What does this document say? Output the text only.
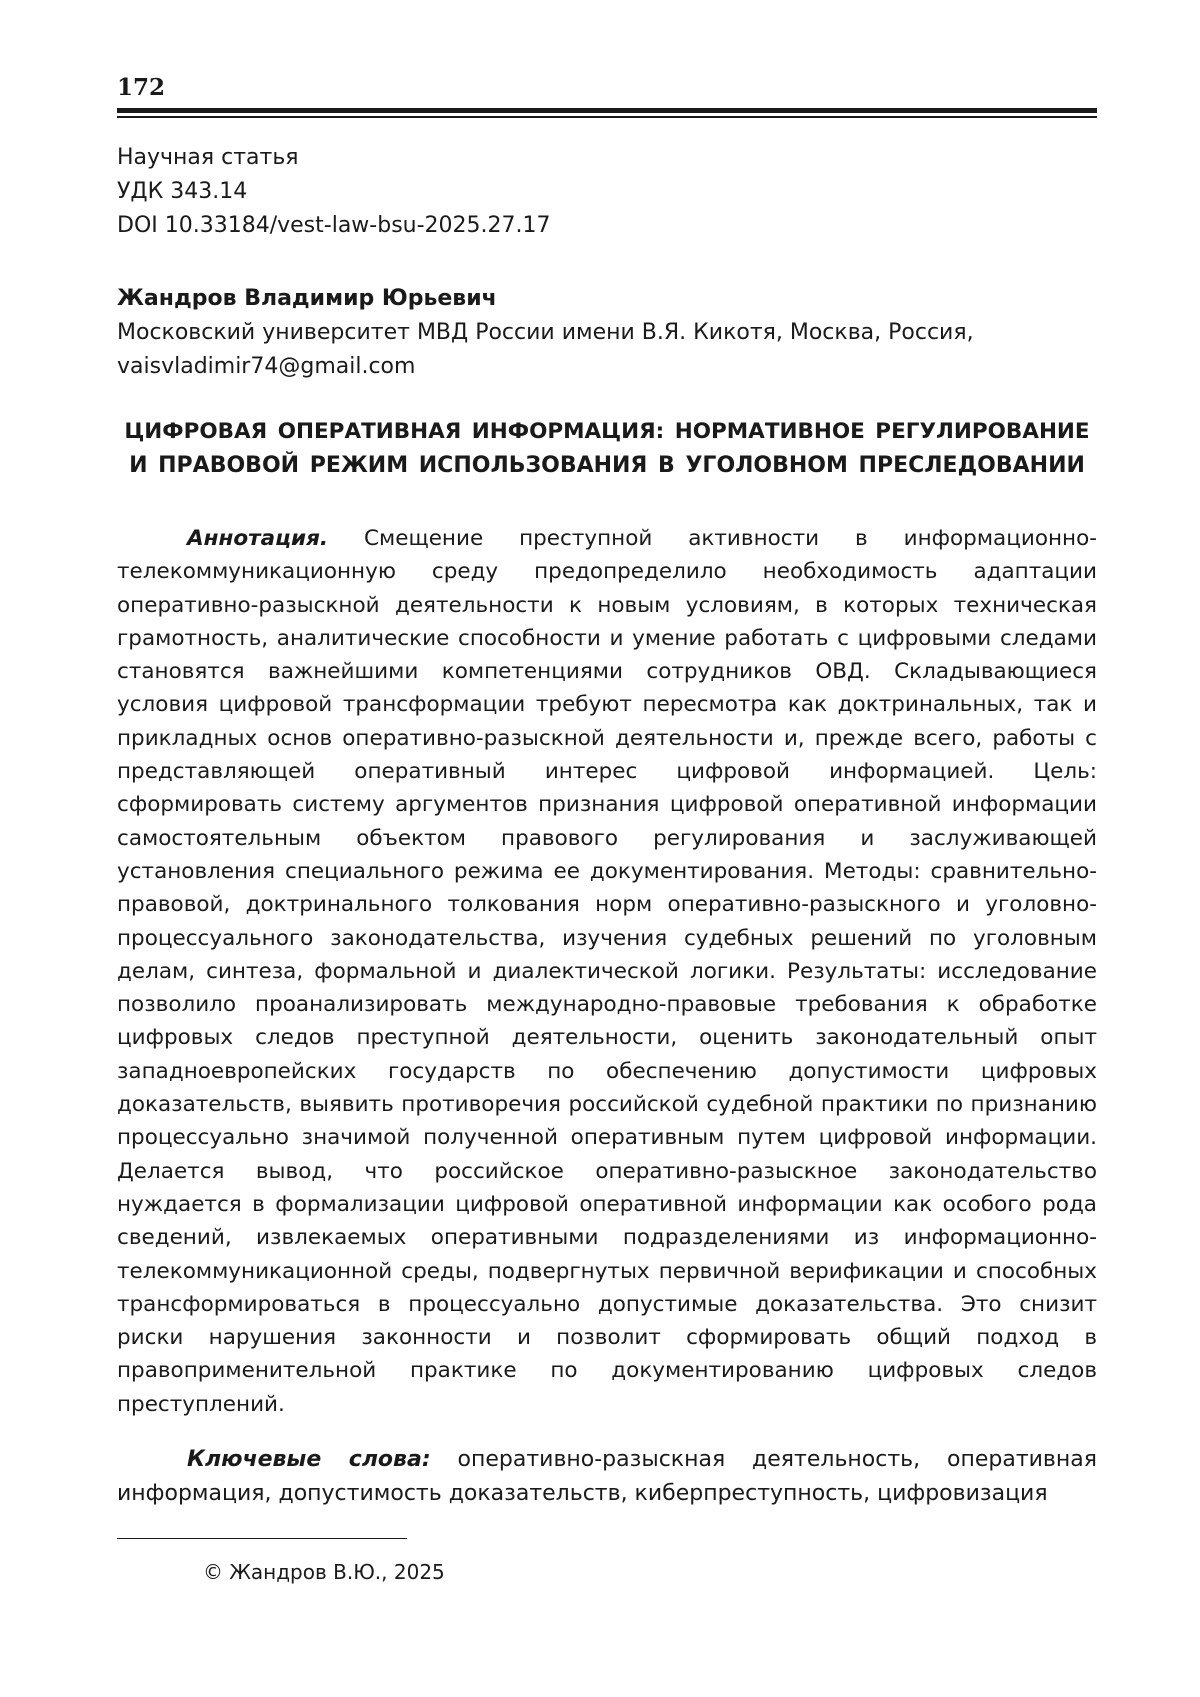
172
Научная статья
УДК 343.14
DOI 10.33184/vest-law-bsu-2025.27.17
Жандров Владимир Юрьевич
Московский университет МВД России имени В.Я. Кикотя, Москва, Россия,
vaisvladimir74@gmail.com
ЦИФРОВАЯ ОПЕРАТИВНАЯ ИНФОРМАЦИЯ: НОРМАТИВНОЕ РЕГУЛИРОВАНИЕ
И ПРАВОВОЙ РЕЖИМ ИСПОЛЬЗОВАНИЯ В УГОЛОВНОМ ПРЕСЛЕДОВАНИИ

Аннотация. Смещение преступной активности в информационно-телекоммуникационную среду предопределило необходимость адаптации оперативно-разыскной деятельности к новым условиям, в которых техническая грамотность, аналитические способности и умение работать с цифровыми следами становятся важнейшими компетенциями сотрудников ОВД. Складывающиеся условия цифровой трансформации требуют пересмотра как доктринальных, так и прикладных основ оперативно-разыскной деятельности и, прежде всего, работы с представляющей оперативный интерес цифровой информацией. Цель: сформировать систему аргументов признания цифровой оперативной информации самостоятельным объектом правового регулирования и заслуживающей установления специального режима ее документирования. Методы: сравнительно-правовой, доктринального толкования норм оперативно-разыскного и уголовно-процессуального законодательства, изучения судебных решений по уголовным делам, синтеза, формальной и диалектической логики. Результаты: исследование позволило проанализировать международно-правовые требования к обработке цифровых следов преступной деятельности, оценить законодательный опыт западноевропейских государств по обеспечению допустимости цифровых доказательств, выявить противоречия российской судебной практики по признанию процессуально значимой полученной оперативным путем цифровой информации. Делается вывод, что российское оперативно-разыскное законодательство нуждается в формализации цифровой оперативной информации как особого рода сведений, извлекаемых оперативными подразделениями из информационно-телекоммуникационной среды, подвергнутых первичной верификации и способных трансформироваться в процессуально допустимые доказательства. Это снизит риски нарушения законности и позволит сформировать общий подход в правоприменительной практике по документированию цифровых следов преступлений.

Ключевые слова: оперативно-разыскная деятельность, оперативная информация, допустимость доказательств, киберпреступность, цифровизация

© Жандров В.Ю., 2025
